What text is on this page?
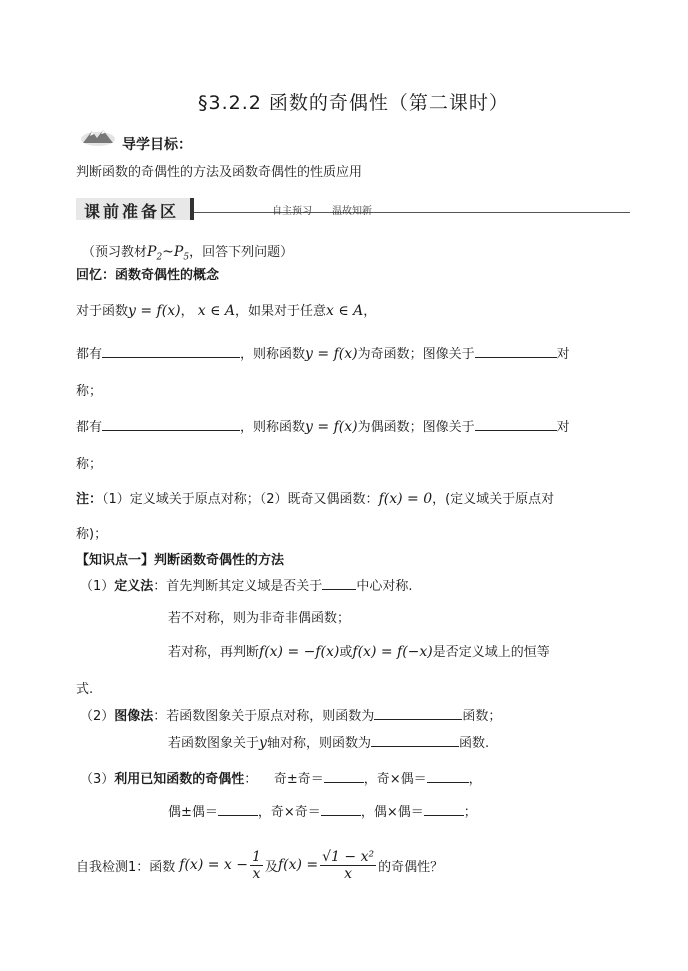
§3.2.2 函数的奇偶性（第二课时）
导学目标：
判断函数的奇偶性的方法及函数奇偶性的性质应用
课前准备区	自主预习　　温故知新
（预习教材$P_2\sim P_5$，回答下列问题）
回忆：函数奇偶性的概念
对于函数y = f(x)， x ∈ A，如果对于任意x ∈ A，
都有	，则称函数y = f(x)为奇函数；图像关于	对
称；
都有	，则称函数y = f(x)为偶函数；图像关于	对
称；
注：（1）定义域关于原点对称；（2）既奇又偶函数：f(x) = 0，(定义域关于原点对
称)；
【知识点一】判断函数奇偶性的方法
（1）定义法：首先判断其定义域是否关于	中心对称.
若不对称，则为非奇非偶函数；
若对称，再判断f(x) = −f(x)或f(x) = f(−x)是否定义域上的恒等
式.
（2）图像法：若函数图象关于原点对称，则函数为	函数；
若函数图象关于y轴对称，则函数为	函数.
（3）利用已知函数的奇偶性： 奇±奇＝	，奇×偶＝	，
偶±偶＝	，奇×奇＝	，偶×偶＝	；
自我检测1：函数 $f(x) = x - \frac{1}{x}$ 及 $f(x) = \frac{\text{√1 − x²}}{x}$ 的奇偶性？
